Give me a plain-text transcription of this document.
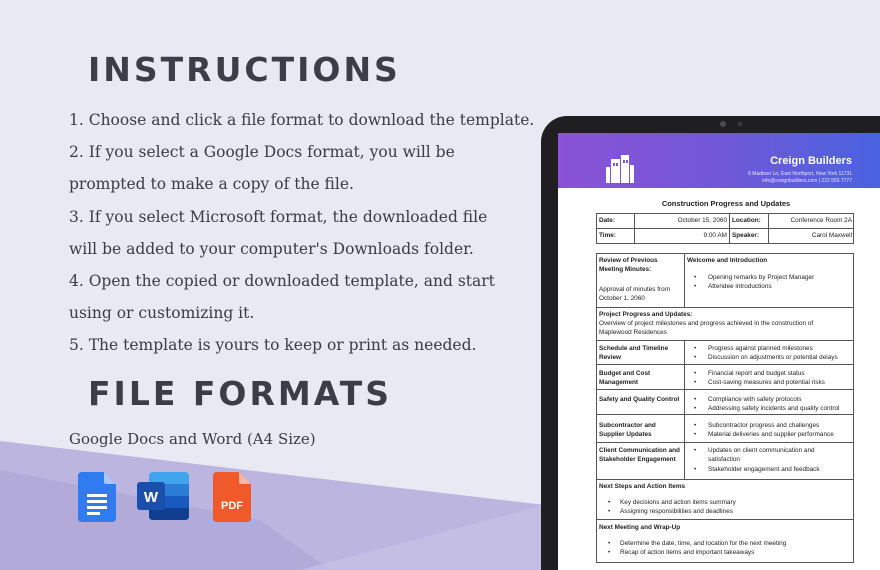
INSTRUCTIONS
1. Choose and click a file format to download the template.
2. If you select a Google Docs format, you will be
prompted to make a copy of the file.
3. If you select Microsoft format, the downloaded file
will be added to your computer's Downloads folder.
4. Open the copied or downloaded template, and start
using or customizing it.
5. The template is yours to keep or print as needed.
FILE FORMATS
Google Docs and Word (A4 Size)
W	PDF
Creign Builders
6 Madison Ln, East Northport, New York 11731
info@creignbuilders.com | 222 555 7777
Construction Progress and Updates
Date:	October 15, 2060 Location:	Conference Room 2A
Time:	9:00 AM Speaker:	Carol Maxwell
Review of Previous
Meeting Minutes:
Approval of minutes from
October 1, 2060
Welcome and Introduction
• Opening remarks by Project Manager
• Attendee introductions
Project Progress and Updates:
Overview of project milestones and progress achieved in the construction of
Maplewood Residences
Schedule and Timeline
Review
• Progress against planned milestones
• Discussion on adjustments or potential delays
Budget and Cost
Management
• Financial report and budget status
• Cost-saving measures and potential risks
Safety and Quality Control • Compliance with safety protocols
• Addressing safety incidents and quality control
Subcontractor and
Supplier Updates
• Subcontractor progress and challenges
• Material deliveries and supplier performance
Client Communication and
Stakeholder Engagement
• Updates on client communication and
satisfaction
• Stakeholder engagement and feedback
Next Steps and Action Items
• Key decisions and action items summary
• Assigning responsibilities and deadlines
Next Meeting and Wrap-Up
• Determine the date, time, and location for the next meeting
• Recap of action items and important takeaways
